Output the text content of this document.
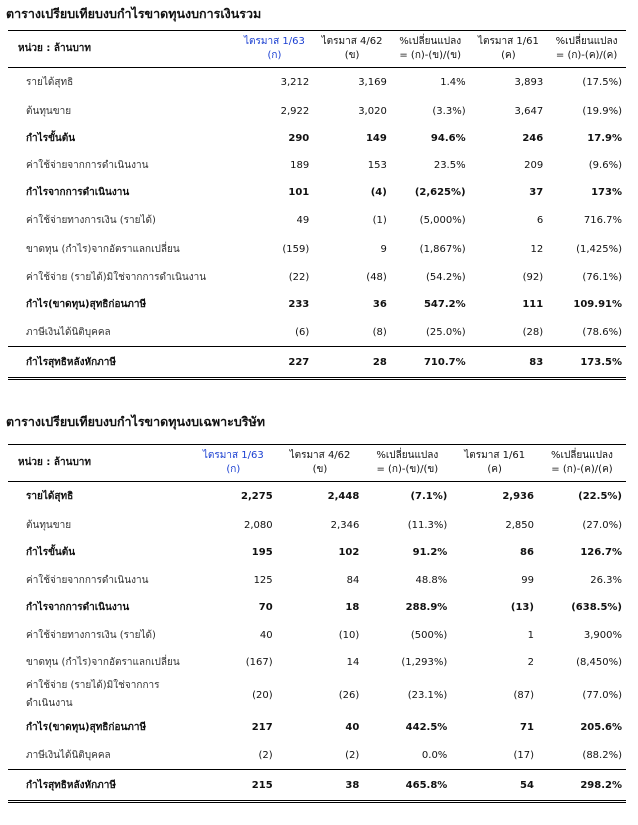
ตารางเปรียบเทียบงบกำไรขาดทุนงบการเงินรวม
หน่วย : ล้านบาท	ไตรมาส 1/63	ไตรมาส 4/62	%เปลี่ยนแปลง	ไตรมาส 1/61	%เปลี่ยนแปลง
	(ก)	(ข)	= (ก)-(ข)/(ข)	(ค)	= (ก)-(ค)/(ค)
รายได้สุทธิ	3,212	3,169	1.4%	3,893	(17.5%)
ต้นทุนขาย	2,922	3,020	(3.3%)	3,647	(19.9%)
กำไรขั้นต้น	290	149	94.6%	246	17.9%
ค่าใช้จ่ายจากการดำเนินงาน	189	153	23.5%	209	(9.6%)
กำไรจากการดำเนินงาน	101	(4)	(2,625%)	37	173%
ค่าใช้จ่ายทางการเงิน (รายได้)	49	(1)	(5,000%)	6	716.7%
ขาดทุน (กำไร)จากอัตราแลกเปลี่ยน	(159)	9	(1,867%)	12	(1,425%)
ค่าใช้จ่าย (รายได้)มิใช่จากการดำเนินงาน	(22)	(48)	(54.2%)	(92)	(76.1%)
กำไร(ขาดทุน)สุทธิก่อนภาษี	233	36	547.2%	111	109.91%
ภาษีเงินได้นิติบุคคล	(6)	(8)	(25.0%)	(28)	(78.6%)
กำไรสุทธิหลังหักภาษี	227	28	710.7%	83	173.5%
ตารางเปรียบเทียบงบกำไรขาดทุนงบเฉพาะบริษัท
หน่วย : ล้านบาท	ไตรมาส 1/63	ไตรมาส 4/62	%เปลี่ยนแปลง	ไตรมาส 1/61	%เปลี่ยนแปลง
	(ก)	(ข)	= (ก)-(ข)/(ข)	(ค)	= (ก)-(ค)/(ค)
รายได้สุทธิ	2,275	2,448	(7.1%)	2,936	(22.5%)
ต้นทุนขาย	2,080	2,346	(11.3%)	2,850	(27.0%)
กำไรขั้นต้น	195	102	91.2%	86	126.7%
ค่าใช้จ่ายจากการดำเนินงาน	125	84	48.8%	99	26.3%
กำไรจากการดำเนินงาน	70	18	288.9%	(13)	(638.5%)
ค่าใช้จ่ายทางการเงิน (รายได้)	40	(10)	(500%)	1	3,900%
ขาดทุน (กำไร)จากอัตราแลกเปลี่ยน	(167)	14	(1,293%)	2	(8,450%)
ค่าใช้จ่าย (รายได้)มิใช่จากการดำเนินงาน	(20)	(26)	(23.1%)	(87)	(77.0%)
กำไร(ขาดทุน)สุทธิก่อนภาษี	217	40	442.5%	71	205.6%
ภาษีเงินได้นิติบุคคล	(2)	(2)	0.0%	(17)	(88.2%)
กำไรสุทธิหลังหักภาษี	215	38	465.8%	54	298.2%
